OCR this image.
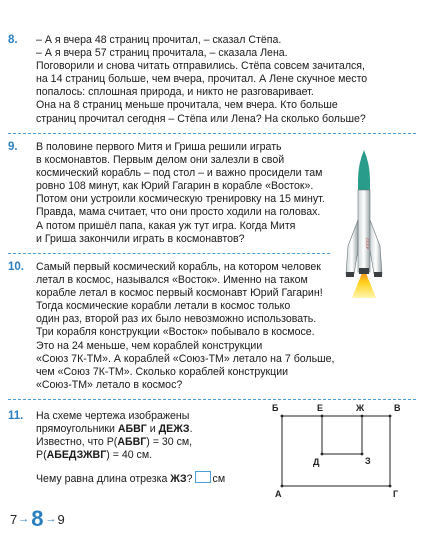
8. – А я вчера 48 страниц прочитал, – сказал Стёпа.
– А я вчера 57 страниц прочитала, – сказала Лена.
Поговорили и снова читать отправились. Стёпа совсем зачитался,
на 14 страниц больше, чем вчера, прочитал. А Лене скучное место
попалось: сплошная природа, и никто не разговаривает.
Она на 8 страниц меньше прочитала, чем вчера. Кто больше
страниц прочитал сегодня – Стёпа или Лена? На сколько больше?
9. В половине первого Митя и Гриша решили играть
в космонавтов. Первым делом они залезли в свой
космический корабль – под стол – и важно просидели там
ровно 108 минут, как Юрий Гагарин в корабле «Восток».
Потом они устроили космическую тренировку на 15 минут.
Правда, мама считает, что они просто ходили на головах.
А потом пришёл папа, какая уж тут игра. Когда Митя
и Гриша закончили играть в космонавтов?
10. Самый первый космический корабль, на котором человек
летал в космос, назывался «Восток». Именно на таком
корабле летал в космос первый космонавт Юрий Гагарин!
Тогда космические корабли летали в космос только
один раз, второй раз их было невозможно использовать.
Три корабля конструкции «Восток» побывало в космосе.
Это на 24 меньше, чем кораблей конструкции
«Союз 7К-ТМ». А кораблей «Союз-ТМ» летало на 7 больше,
чем «Союз 7К-ТМ». Сколько кораблей конструкции
«Союз-ТМ» летало в космос?
11. На схеме чертежа изображены
прямоугольники АБВГ и ДЕЖЗ.
Известно, что Р(АБВГ) = 30 см,
Р(АБЕДЗЖВГ) = 40 см.
Чему равна длина отрезка ЖЗ? см
СССР
Б	Е	Ж	В
Д	З
А	Г
7 → 8 → 9
